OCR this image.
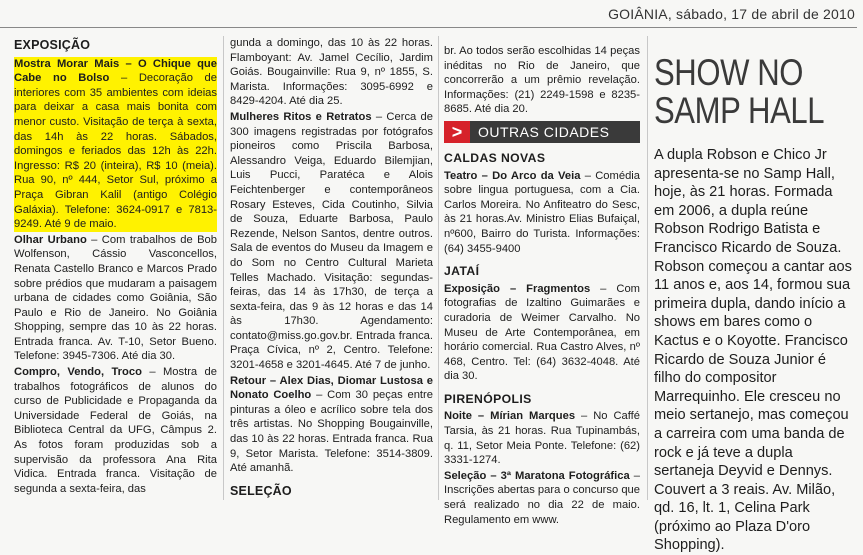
GOIÂNIA, sábado, 17 de abril de 2010
EXPOSIÇÃO

Mostra Morar Mais – O Chique que Cabe no Bolso – Decoração de interiores com 35 ambientes com ideias para deixar a casa mais bonita com menor custo. Visitação de terça à sexta, das 14h às 22 horas. Sábados, domingos e feriados das 12h às 22h. Ingresso: R$ 20 (inteira), R$ 10 (meia). Rua 90, nº 444, Setor Sul, próximo a Praça Gibran Kalil (antigo Colégio Galáxia). Telefone: 3624-0917 e 7813-9249. Até 9 de maio.

Olhar Urbano – Com trabalhos de Bob Wolfenson, Cássio Vasconcellos, Renata Castello Branco e Marcos Prado sobre prédios que mudaram a paisagem urbana de cidades como Goiânia, São Paulo e Rio de Janeiro. No Goiânia Shopping, sempre das 10 às 22 horas. Entrada franca. Av. T-10, Setor Bueno. Telefone: 3945-7306. Até dia 30.

Compro, Vendo, Troco – Mostra de trabalhos fotográficos de alunos do curso de Publicidade e Propaganda da Universidade Federal de Goiás, na Biblioteca Central da UFG, Câmpus 2. As fotos foram produzidas sob a supervisão da professora Ana Rita Vidica. Entrada franca. Visitação de segunda a sexta-feira, das

gunda a domingo, das 10 às 22 horas. Flamboyant: Av. Jamel Cecílio, Jardim Goiás. Bougainville: Rua 9, nº 1855, S. Marista. Informações: 3095-6992 e 8429-4204. Até dia 25.

Mulheres Ritos e Retratos – Cerca de 300 imagens registradas por fotógrafos pioneiros como Priscila Barbosa, Alessandro Veiga, Eduardo Bilemjian, Luis Pucci, Paratéca e Alois Feichtenberger e contemporâneos Rosary Esteves, Cida Coutinho, Silvia de Souza, Eduarte Barbosa, Paulo Rezende, Nelson Santos, dentre outros. Sala de eventos do Museu da Imagem e do Som no Centro Cultural Marieta Telles Machado. Visitação: segundas-feiras, das 14 às 17h30, de terça a sexta-feira, das 9 às 12 horas e das 14 às 17h30. Agendamento: contato@miss.go.gov.br. Entrada franca. Praça Cívica, nº 2, Centro. Telefone: 3201-4658 e 3201-4645. Até 7 de junho.

Retour – Alex Dias, Diomar Lustosa e Nonato Coelho – Com 30 peças entre pinturas a óleo e acrílico sobre tela dos três artistas. No Shopping Bougainville, das 10 às 22 horas. Entrada franca. Rua 9, Setor Marista. Telefone: 3514-3809. Até amanhã.

SELEÇÃO

br. Ao todos serão escolhidas 14 peças inéditas no Rio de Janeiro, que concorrerão a um prêmio revelação. Informações: (21) 2249-1598 e 8235-8685. Até dia 20.

>	OUTRAS CIDADES
CALDAS NOVAS

Teatro – Do Arco da Veia – Comédia sobre lingua portuguesa, com a Cia. Carlos Moreira. No Anfiteatro do Sesc, às 21 horas.Av. Ministro Elias Bufaiçal, nº600, Bairro do Turista. Informações: (64) 3455-9400

JATAÍ

Exposição – Fragmentos – Com fotografias de Izaltino Guimarães e curadoria de Weimer Carvalho. No Museu de Arte Contemporânea, em horário comercial. Rua Castro Alves, nº 468, Centro. Tel: (64) 3632-4048. Até dia 30.

PIRENÓPOLIS

Noite – Mírian Marques – No Caffé Tarsia, às 21 horas. Rua Tupinambás, q. 11, Setor Meia Ponte. Telefone: (62) 3331-1274.

Seleção – 3ª Maratona Fotográfica – Inscrições abertas para o concurso que será realizado no dia 22 de maio. Regulamento em www.

SHOW NO
SAMP HALL
A dupla Robson e Chico Jr apresenta-se no Samp Hall, hoje, às 21 horas. Formada em 2006, a dupla reúne Robson Rodrigo Batista e Francisco Ricardo de Souza. Robson começou a cantar aos 11 anos e, aos 14, formou sua primeira dupla, dando início a shows em bares como o Kactus e o Koyotte. Francisco Ricardo de Souza Junior é filho do compositor Marrequinho. Ele cresceu no meio sertanejo, mas começou a carreira com uma banda de rock e já teve a dupla sertaneja Deyvid e Dennys. Couvert a 3 reais. Av. Milão, qd. 16, lt. 1, Celina Park (próximo ao Plaza D'oro Shopping).
